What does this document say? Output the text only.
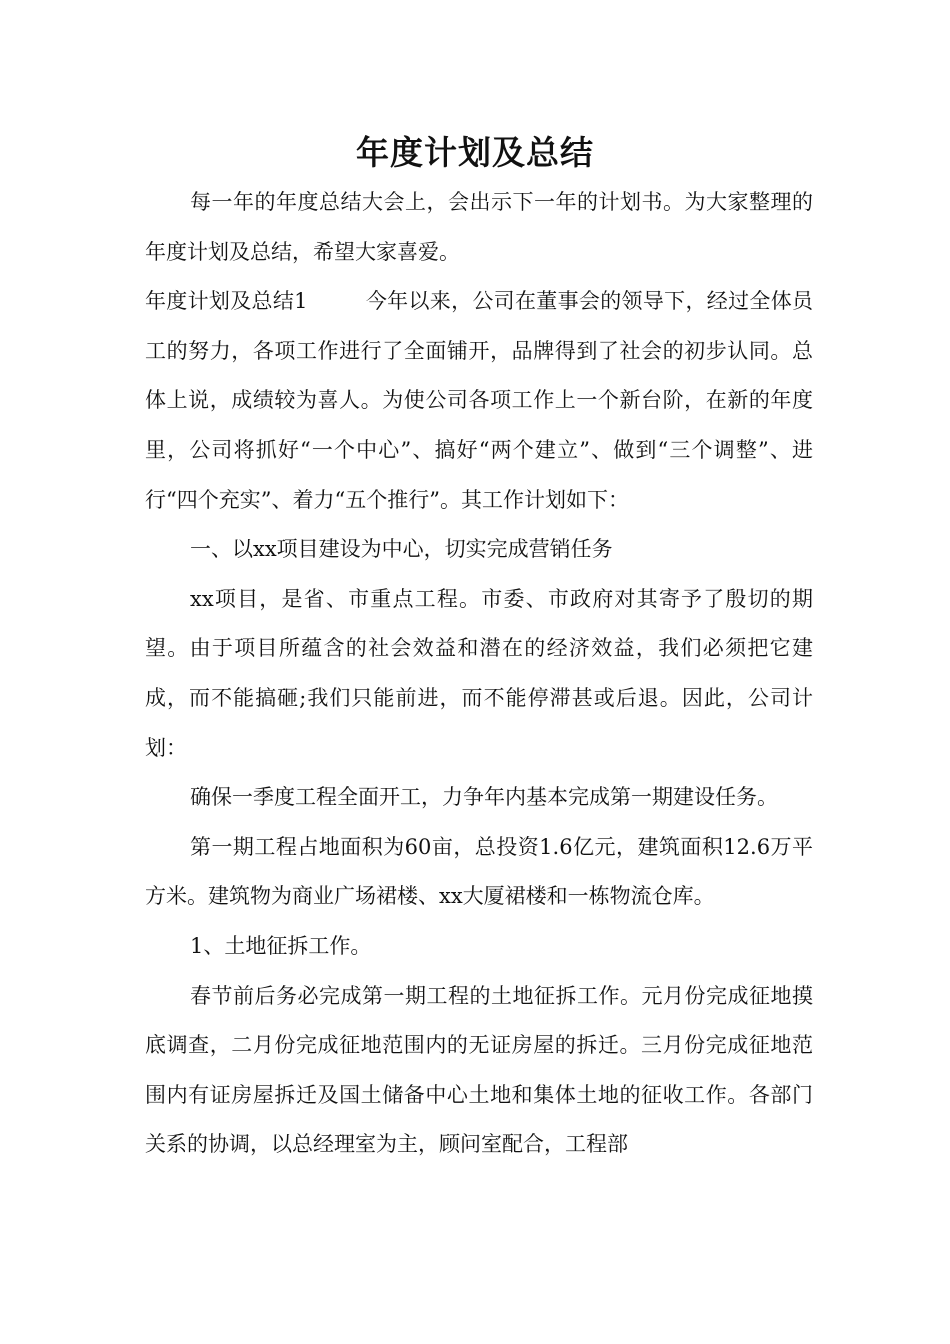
年度计划及总结

每一年的年度总结大会上，会出示下一年的计划书。为大家整理的年度计划及总结，希望大家喜爱。

年度计划及总结1	今年以来，公司在董事会的领导下，经过全体员工的努力，各项工作进行了全面铺开，品牌得到了社会的初步认同。总体上说，成绩较为喜人。为使公司各项工作上一个新台阶，在新的年度里，公司将抓好“一个中心”、搞好“两个建立”、做到“三个调整”、进行“四个充实”、着力“五个推行”。其工作计划如下：

一、以xx项目建设为中心，切实完成营销任务

xx项目，是省、市重点工程。市委、市政府对其寄予了殷切的期望。由于项目所蕴含的社会效益和潜在的经济效益，我们必须把它建成，而不能搞砸;我们只能前进，而不能停滞甚或后退。因此，公司计划：

确保一季度工程全面开工，力争年内基本完成第一期建设任务。

第一期工程占地面积为60亩，总投资1.6亿元，建筑面积12.6万平方米。建筑物为商业广场裙楼、xx大厦裙楼和一栋物流仓库。

1、土地征拆工作。

春节前后务必完成第一期工程的土地征拆工作。元月份完成征地摸底调查，二月份完成征地范围内的无证房屋的拆迁。三月份完成征地范围内有证房屋拆迁及国土储备中心土地和集体土地的征收工作。各部门关系的协调，以总经理室为主，顾问室配合，工程部
